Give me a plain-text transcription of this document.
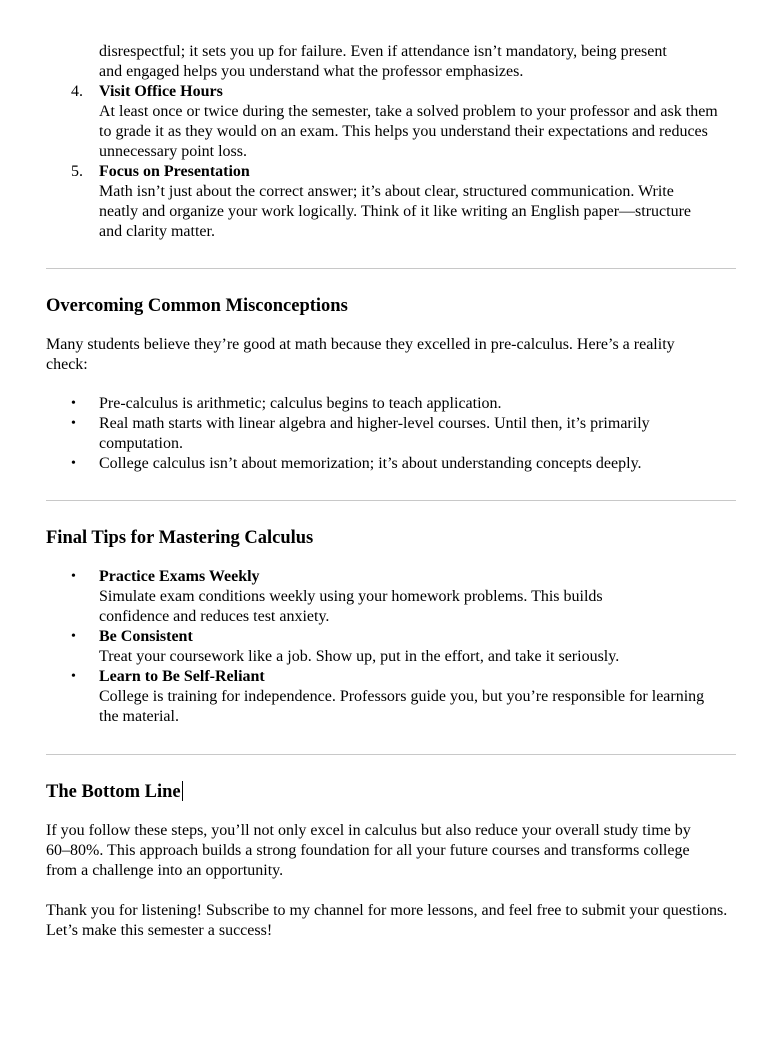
disrespectful; it sets you up for failure. Even if attendance isn’t mandatory, being present
and engaged helps you understand what the professor emphasizes.
4. Visit Office Hours
At least once or twice during the semester, take a solved problem to your professor and ask them to grade it as they would on an exam. This helps you understand their expectations and reduces unnecessary point loss.
5. Focus on Presentation
Math isn’t just about the correct answer; it’s about clear, structured communication. Write neatly and organize your work logically. Think of it like writing an English paper—structure and clarity matter.
Overcoming Common Misconceptions

Many students believe they’re good at math because they excelled in pre-calculus. Here’s a reality check:

• Pre-calculus is arithmetic; calculus begins to teach application.
• Real math starts with linear algebra and higher-level courses. Until then, it’s primarily computation.
• College calculus isn’t about memorization; it’s about understanding concepts deeply.
Final Tips for Mastering Calculus
• Practice Exams Weekly
Simulate exam conditions weekly using your homework problems. This builds confidence and reduces test anxiety.
• Be Consistent
Treat your coursework like a job. Show up, put in the effort, and take it seriously.
• Learn to Be Self-Reliant
College is training for independence. Professors guide you, but you’re responsible for learning the material.
The Bottom Line

If you follow these steps, you’ll not only excel in calculus but also reduce your overall study time by 60–80%. This approach builds a strong foundation for all your future courses and transforms college from a challenge into an opportunity.

Thank you for listening! Subscribe to my channel for more lessons, and feel free to submit your questions. Let’s make this semester a success!
